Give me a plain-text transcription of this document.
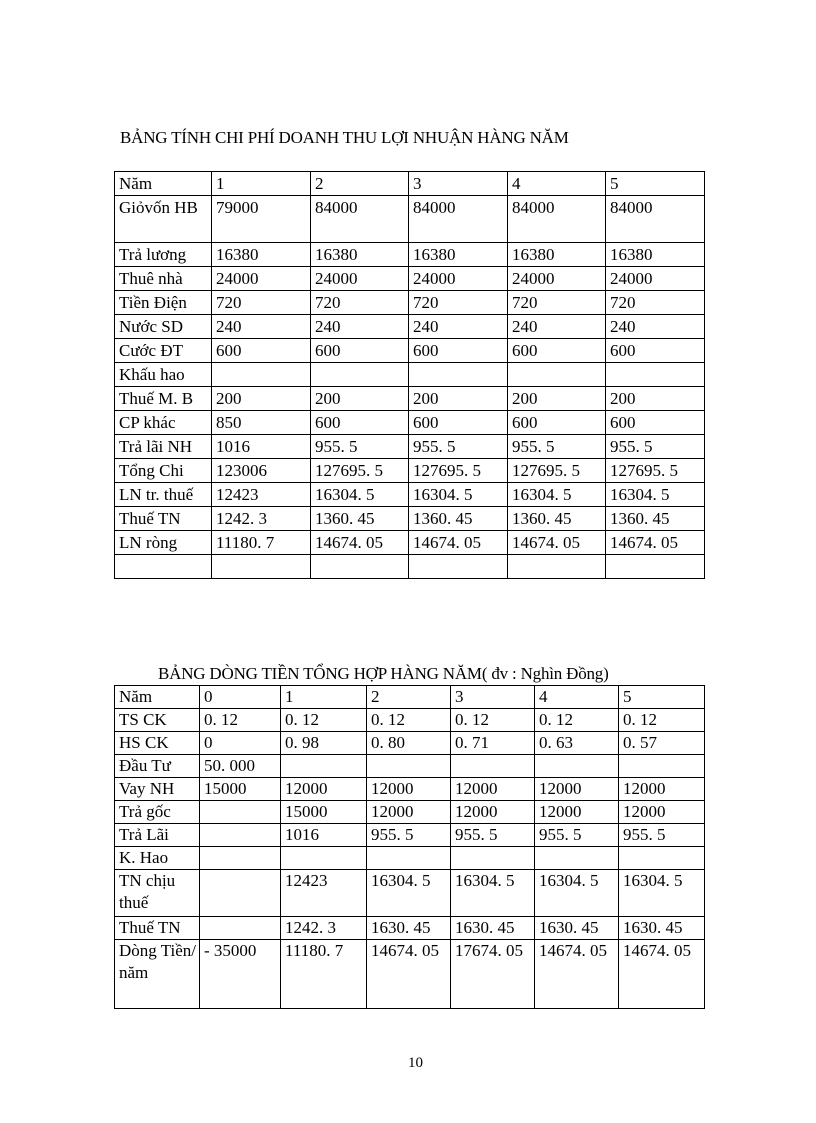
BẢNG TÍNH CHI PHÍ DOANH THU LỢI NHUẬN HÀNG NĂM
Năm	1	2	3	4	5
Giỏvốn HB	79000	84000	84000	84000	84000
Trả lương	16380	16380	16380	16380	16380
Thuê nhà	24000	24000	24000	24000	24000
Tiền Điện	720	720	720	720	720
Nước SD	240	240	240	240	240
Cước ĐT	600	600	600	600	600
Khấu hao					
Thuế M. B	200	200	200	200	200
CP khác	850	600	600	600	600
Trả lãi NH	1016	955. 5	955. 5	955. 5	955. 5
Tổng Chi	123006	127695. 5	127695. 5	127695. 5	127695. 5
LN tr. thuế	12423	16304. 5	16304. 5	16304. 5	16304. 5
Thuế TN	1242. 3	1360. 45	1360. 45	1360. 45	1360. 45
LN ròng	11180. 7	14674. 05	14674. 05	14674. 05	14674. 05

BẢNG DÒNG TIỀN TỔNG HỢP HÀNG NĂM( đv : Nghìn Đồng)
Năm	0	1	2	3	4	5
TS CK	0. 12	0. 12	0. 12	0. 12	0. 12	0. 12
HS CK	0	0. 98	0. 80	0. 71	0. 63	0. 57
Đầu Tư	50. 000					
Vay NH	15000	12000	12000	12000	12000	12000
Trả gốc		15000	12000	12000	12000	12000
Trả Lãi		1016	955. 5	955. 5	955. 5	955. 5
K. Hao						
TN chịu thuế		12423	16304. 5	16304. 5	16304. 5	16304. 5
Thuế TN		1242. 3	1630. 45	1630. 45	1630. 45	1630. 45
Dòng Tiền/ năm	- 35000	11180. 7	14674. 05	17674. 05	14674. 05	14674. 05
10
